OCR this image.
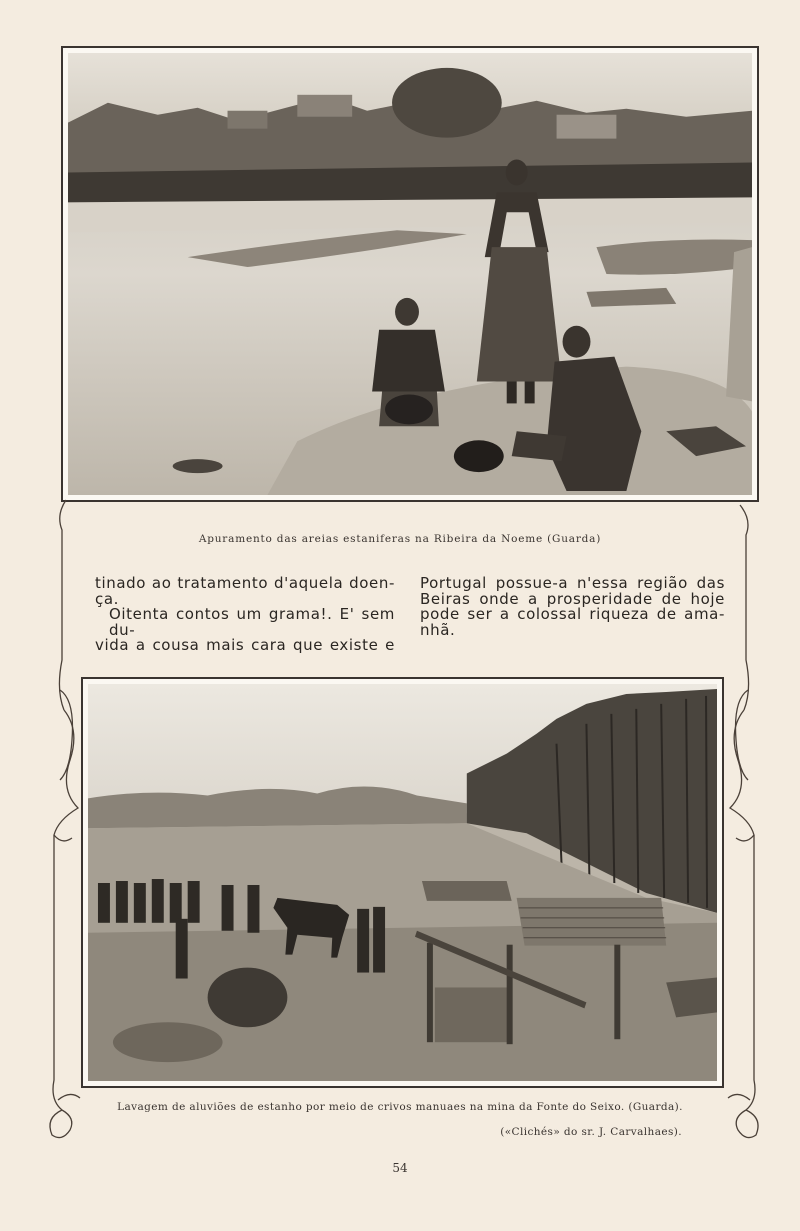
Apuramento das areias estaniferas na Ribeira da Noeme (Guarda)
tinado ao tratamento d'aquela doen-
ça.
Oitenta contos um grama!. E' sem du-
vida a cousa mais cara que existe e
Portugal possue-a n'essa região das
Beiras onde a prosperidade de hoje
pode ser a colossal riqueza de ama-
nhã.
Lavagem de aluviões de estanho por meio de crivos manuaes na mina da Fonte do Seixo. (Guarda).
(«Clichés» do sr. J. Carvalhaes).
54
